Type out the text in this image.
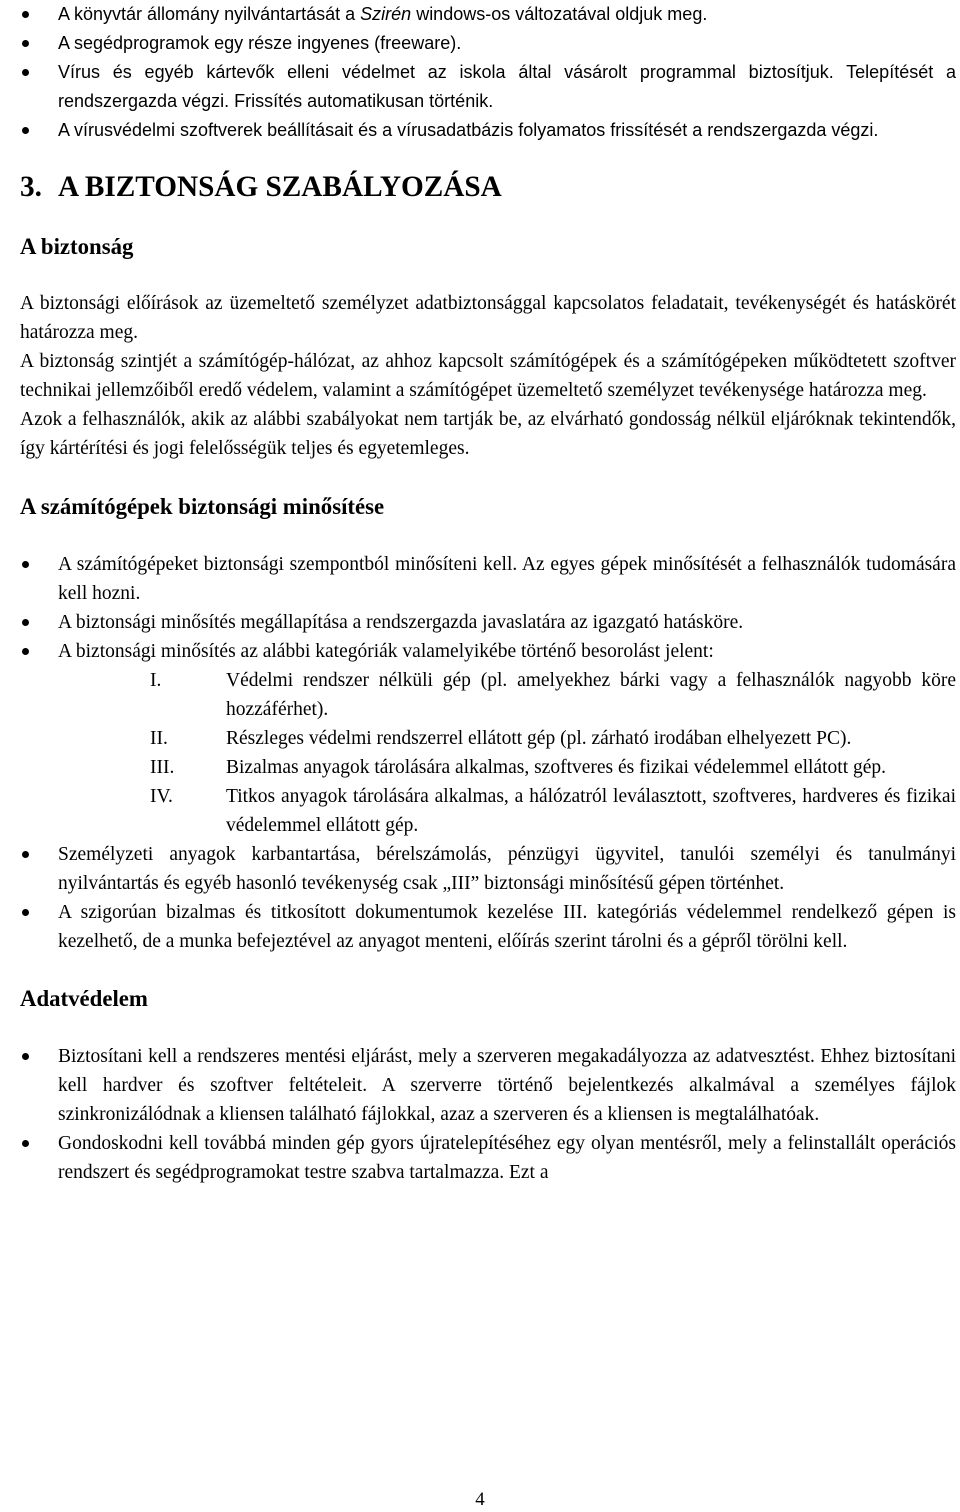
A könyvtár állomány nyilvántartását a Szirén windows-os változatával oldjuk meg.
A segédprogramok egy része ingyenes (freeware).
Vírus és egyéb kártevők elleni védelmet az iskola által vásárolt programmal biztosítjuk. Telepítését a rendszergazda végzi. Frissítés automatikusan történik.
A vírusvédelmi szoftverek beállításait és a vírusadatbázis folyamatos frissítését a rendszergazda végzi.
3. A BIZTONSÁG SZABÁLYOZÁSA
A biztonság

A biztonsági előírások az üzemeltető személyzet adatbiztonsággal kapcsolatos feladatait, tevékenységét és hatáskörét határozza meg.

A biztonság szintjét a számítógép-hálózat, az ahhoz kapcsolt számítógépek és a számítógépeken működtetett szoftver technikai jellemzőiből eredő védelem, valamint a számítógépet üzemeltető személyzet tevékenysége határozza meg.

Azok a felhasználók, akik az alábbi szabályokat nem tartják be, az elvárható gondosság nélkül eljáróknak tekintendők, így kártérítési és jogi felelősségük teljes és egyetemleges.

A számítógépek biztonsági minősítése
A számítógépeket biztonsági szempontból minősíteni kell. Az egyes gépek minősítését a felhasználók tudomására kell hozni.
A biztonsági minősítés megállapítása a rendszergazda javaslatára az igazgató hatásköre.
A biztonsági minősítés az alábbi kategóriák valamelyikébe történő besorolást jelent:
I.	Védelmi rendszer nélküli gép (pl. amelyekhez bárki vagy a felhasználók nagyobb köre hozzáférhet).
II.	Részleges védelmi rendszerrel ellátott gép (pl. zárható irodában elhelyezett PC).
III.	Bizalmas anyagok tárolására alkalmas, szoftveres és fizikai védelemmel ellátott gép.
IV.	Titkos anyagok tárolására alkalmas, a hálózatról leválasztott, szoftveres, hardveres és fizikai védelemmel ellátott gép.
Személyzeti anyagok karbantartása, bérelszámolás, pénzügyi ügyvitel, tanulói személyi és tanulmányi nyilvántartás és egyéb hasonló tevékenység csak „III” biztonsági minősítésű gépen történhet.
A szigorúan bizalmas és titkosított dokumentumok kezelése III. kategóriás védelemmel rendelkező gépen is kezelhető, de a munka befejeztével az anyagot menteni, előírás szerint tárolni és a gépről törölni kell.
Adatvédelem
Biztosítani kell a rendszeres mentési eljárást, mely a szerveren megakadályozza az adatvesztést. Ehhez biztosítani kell hardver és szoftver feltételeit. A szerverre történő bejelentkezés alkalmával a személyes fájlok szinkronizálódnak a kliensen található fájlokkal, azaz a szerveren és a kliensen is megtalálhatóak.
Gondoskodni kell továbbá minden gép gyors újratelepítéséhez egy olyan mentésről, mely a felinstallált operációs rendszert és segédprogramokat testre szabva tartalmazza. Ezt a
4
